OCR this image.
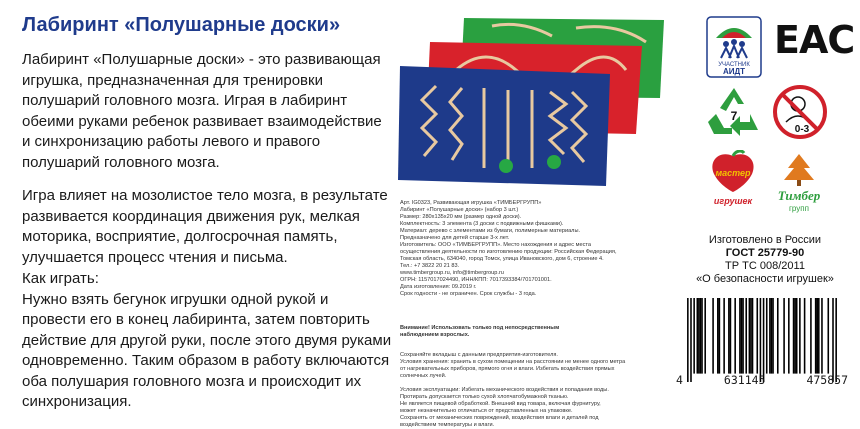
Лабиринт «Полушарные доски»

Лабиринт «Полушарные доски» - это развивающая игрушка, предназначенная для тренировки полушарий головного мозга. Играя в лабиринт обеими руками ребенок развивает взаимодействие и синхронизацию работы левого и правого полушарий головного мозга.

Игра влияет на мозолистое тело мозга, в результате развивается координация движения рук, мелкая моторика, восприятие, долгосрочная память, улучшается процесс чтения и письма.

Как играть:

Нужно взять бегунок игрушки одной рукой и провести его в конец лабиринта, затем повторить действие для другой руки, после этого двумя руками одновременно. Таким образом в работу включаются оба полушария головного мозга и происходит их синхронизация.

Арт. IG0323, Развивающая игрушка «ТИМБЕРГРУПП»
Лабиринт «Полушарные доски» (набор 3 шт.)
Размер: 280х135х20 мм (размер одной доски).
Комплектность: 3 элемента (3 доски с подвижными фишками).
Материал: дерево с элементами из бумаги, полимерные материалы.
Предназначено для детей старше 3-х лет.
Изготовитель: ООО «ТИМБЕРГРУПП». Место нахождения и адрес места
осуществления деятельности по изготовлению продукции: Российская Федерация,
Томская область, 634040, город Томск, улица Ивановского, дом 6, строение 4.
Тел.: +7 3822 20 21 83.
www.timbergroup.ru, info@timbergroup.ru
ОГРН: 1157017024490, ИНН/КПП: 7017393384/701701001.
Дата изготовления: 09.2019 г.
Срок годности - не ограничен. Срок службы - 3 года.
Внимание! Использовать только под непосредственным
наблюдением взрослых.
Сохраняйте вкладыш с данными предприятия-изготовителя.
Условия хранения: хранить в сухом помещении на расстоянии не менее одного метра
от нагревательных приборов, прямого огня и влаги. Избегать воздействия прямых
солнечных лучей.

Условия эксплуатации: Избегать механического воздействия и попадания воды.
Протирать допускается только сухой хлопчатобумажной тканью.
Не является пищевой обработкой. Внешний вид товара, включая фурнитуру,
может незначительно отличаться от представленных на упаковке.
Сохранять от механических повреждений, воздействия влаги и деталей под
воздействием температуры и влаги.
УЧАСТНИК
АИДТ
EAC
7
0-3
мастер
игрушек Тимбер
групп
Изготовлено в России
ГОСТ 25779-90
ТР ТС 008/2011
«О безопасности игрушек»
4	631145	475857
